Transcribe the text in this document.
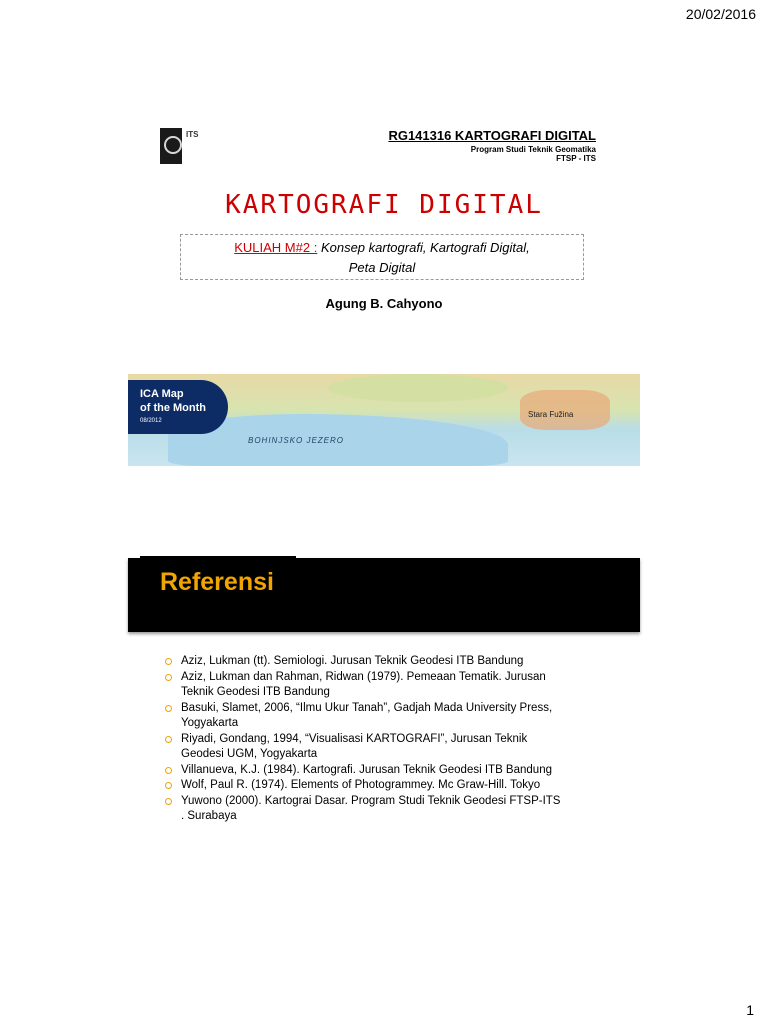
20/02/2016
ITS	RG141316 KARTOGRAFI DIGITAL
Program Studi Teknik Geomatika
FTSP - ITS
KARTOGRAFI DIGITAL
KULIAH M#2 : Konsep kartografi, Kartografi Digital,
Peta Digital
Agung B. Cahyono
ICA Map
of the Month
08/2012
BOHINJSKO JEZERO
Stara Fužina
Referensi
Aziz, Lukman (tt). Semiologi. Jurusan Teknik Geodesi ITB Bandung
Aziz, Lukman dan Rahman, Ridwan (1979). Pemeaan Tematik. Jurusan
Teknik Geodesi ITB Bandung
Basuki, Slamet, 2006, “Ilmu Ukur Tanah”, Gadjah Mada University Press,
Yogyakarta
Riyadi, Gondang, 1994, “Visualisasi KARTOGRAFI”, Jurusan Teknik
Geodesi UGM, Yogyakarta
Villanueva, K.J. (1984). Kartografi. Jurusan Teknik Geodesi ITB Bandung
Wolf, Paul R. (1974). Elements of Photogrammey. Mc Graw-Hill. Tokyo
Yuwono (2000). Kartograi Dasar. Program Studi Teknik Geodesi FTSP-ITS
. Surabaya
1
